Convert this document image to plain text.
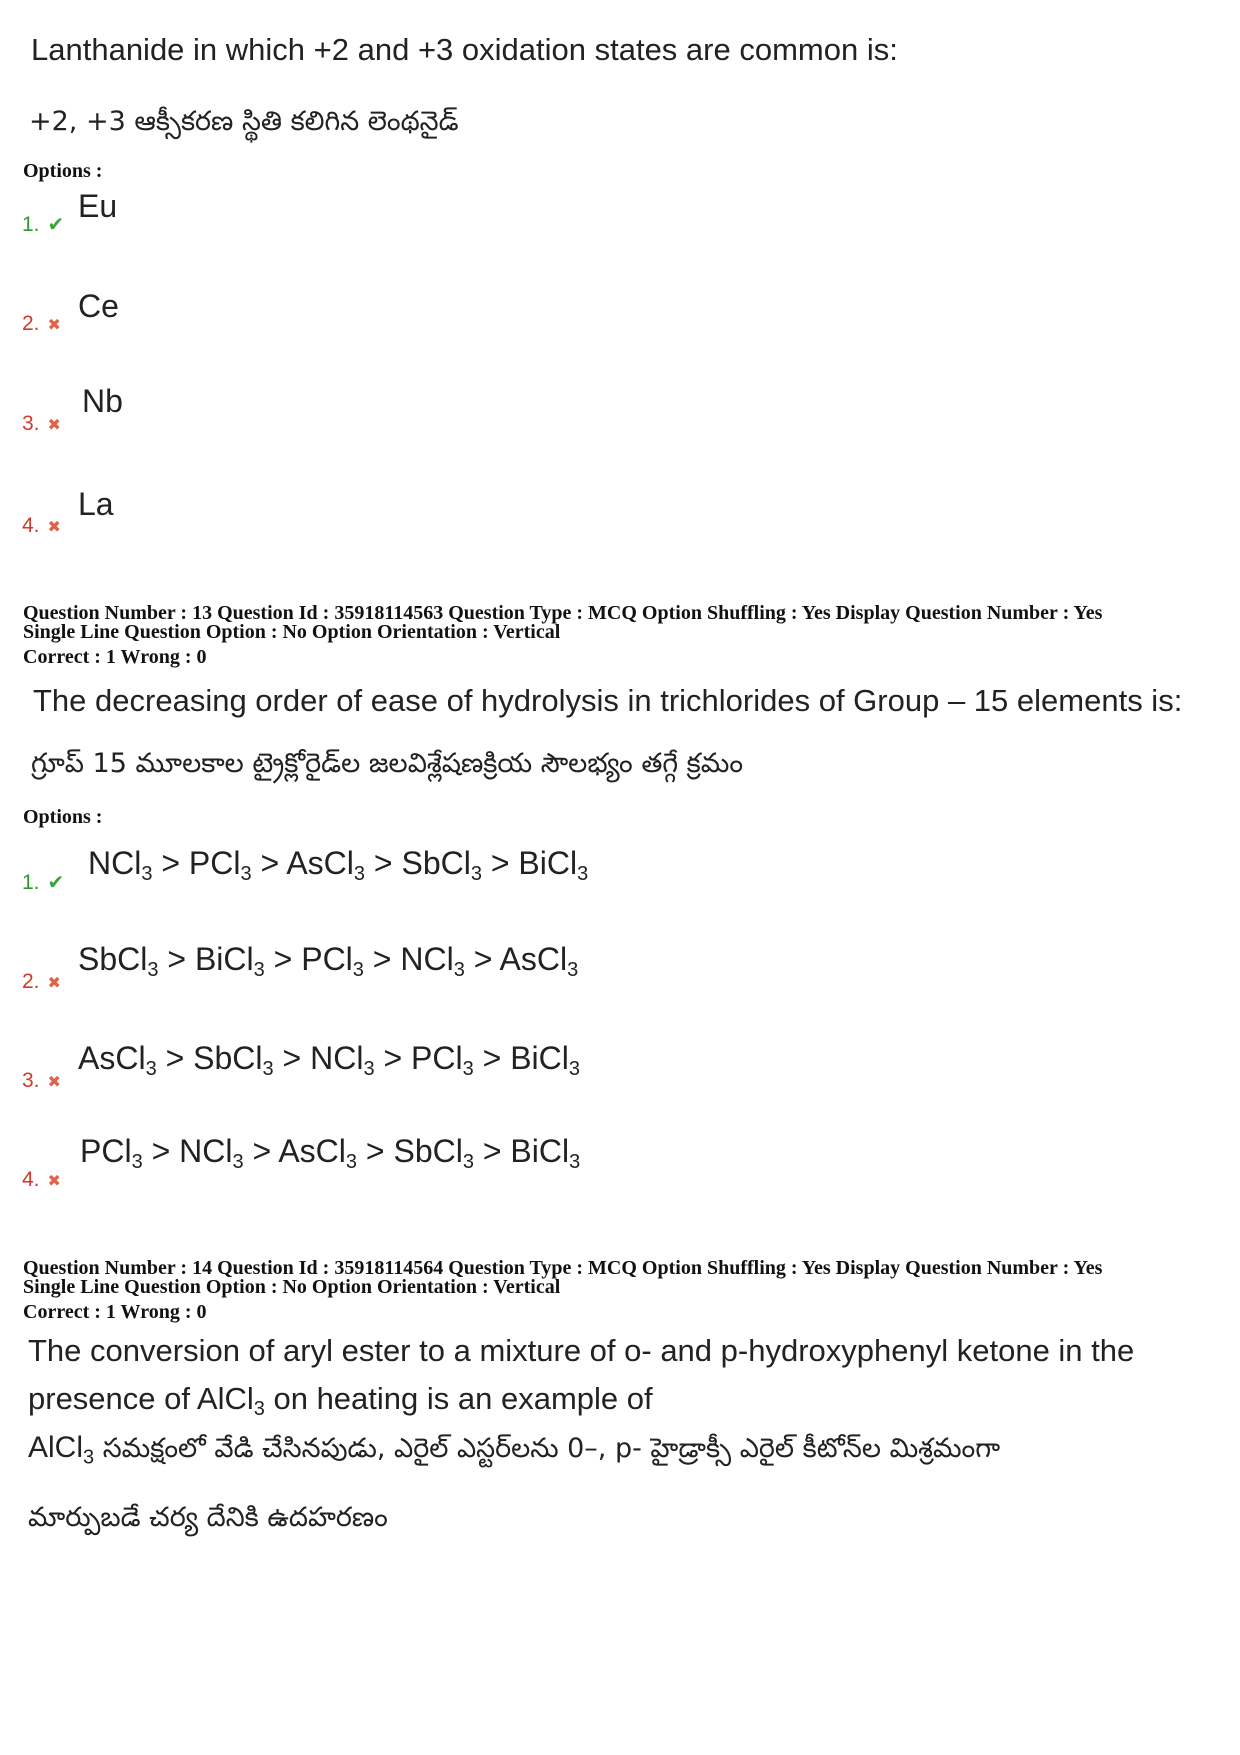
Lanthanide in which +2 and +3 oxidation states are common is:
+2, +3 ఆక్సీకరణ స్థితి కలిగిన లెంథనైడ్
Options :
1. ✔ Eu
2. ✖
Ce
3. ✖
Nb
4. ✖
La
Question Number : 13 Question Id : 35918114563 Question Type : MCQ Option Shuffling : Yes Display Question Number : Yes
Single Line Question Option : No Option Orientation : Vertical
Correct : 1 Wrong : 0
The decreasing order of ease of hydrolysis in trichlorides of Group – 15 elements is:
గ్రూప్ 15 మూలకాల ట్రైక్లోరైడ్‌ల జలవిశ్లేషణక్రియ సౌలభ్యం తగ్గే క్రమం
Options :
1. ✔
NCl$_3$ > PCl$_3$ > AsCl$_3$ > SbCl$_3$ > BiCl$_3$
2. ✖
SbCl$_3$ > BiCl$_3$ > PCl$_3$ > NCl$_3$ > AsCl$_3$
3. ✖
AsCl$_3$ > SbCl$_3$ > NCl$_3$ > PCl$_3$ > BiCl$_3$
4. ✖
PCl$_3$ > NCl$_3$ > AsCl$_3$ > SbCl$_3$ > BiCl$_3$
Question Number : 14 Question Id : 35918114564 Question Type : MCQ Option Shuffling : Yes Display Question Number : Yes
Single Line Question Option : No Option Orientation : Vertical
Correct : 1 Wrong : 0
The conversion of aryl ester to a mixture of o- and p-hydroxyphenyl ketone in the
presence of AlCl$_3$ on heating is an example of
AlCl$_3$ సమక్షంలో వేడి చేసినపుడు, ఎరైల్ ఎస్టర్‌లను 0–, p- హైడ్రాక్సీ ఎరైల్ కీటోన్‌ల మిశ్రమంగా
మార్పుబడే చర్య దేనికి ఉదహరణం
